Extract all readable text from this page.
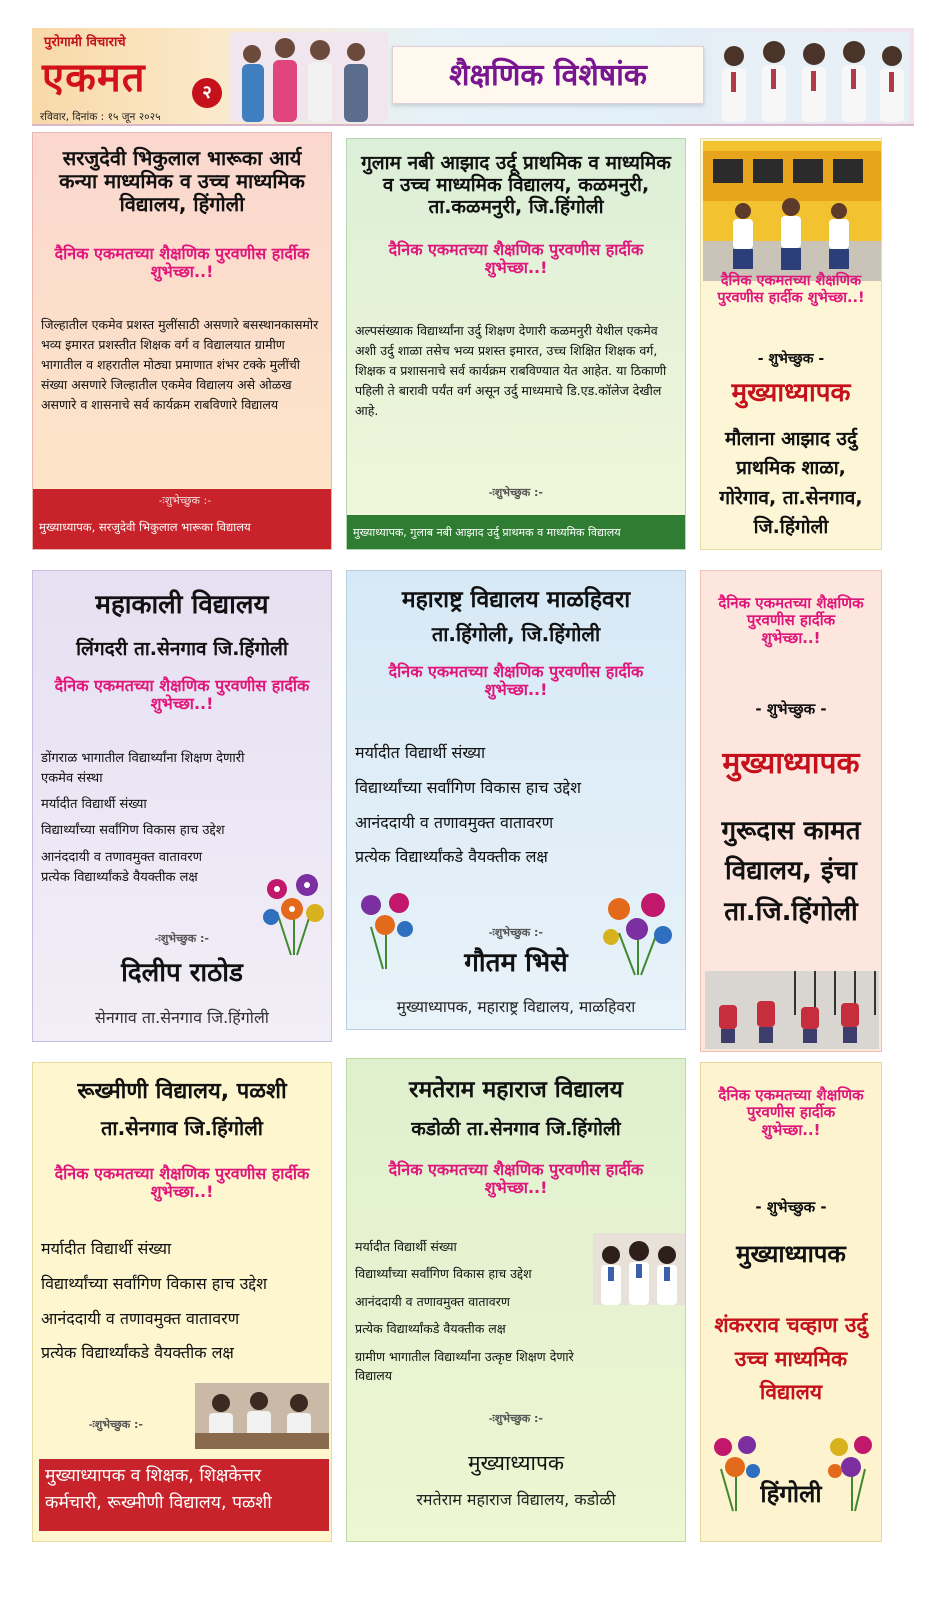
पुरोगामी विचाराचे
एकमत	२
रविवार, दिनांक : १५ जून २०२५
शैक्षणिक विशेषांक
सरजुदेवी भिकुलाल भारूका आर्य कन्या माध्यमिक व उच्च माध्यमिक विद्यालय, हिंगोली
दैनिक एकमतच्या शैक्षणिक पुरवणीस हार्दीक शुभेच्छा..!
जिल्हातील एकमेव प्रशस्त मुलींसाठी असणारे बसस्थानकासमोर भव्य इमारत प्रशस्तीत शिक्षक वर्ग व विद्यालयात ग्रामीण भागातील व शहरातील मोठ्या प्रमाणात शंभर टक्के मुलींची संख्या असणारे जिल्हातील एकमेव विद्यालय असे ओळख असणारे व शासनाचे सर्व कार्यक्रम राबविणारे विद्यालय
-ःशुभेच्छुक :-
मुख्याध्यापक, सरजुदेवी भिकुलाल भारूका विद्यालय
गुलाम नबी आझाद उर्दू प्राथमिक व माध्यमिक व उच्च माध्यमिक विद्यालय, कळमनुरी, ता.कळमनुरी, जि.हिंगोली
दैनिक एकमतच्या शैक्षणिक पुरवणीस हार्दीक शुभेच्छा..!
अल्पसंख्याक विद्यार्थ्यांना उर्दु शिक्षण देणारी कळमनुरी येथील एकमेव अशी उर्दु शाळा तसेच भव्य प्रशस्त इमारत, उच्च शिक्षित शिक्षक वर्ग, शिक्षक व प्रशासनाचे सर्व कार्यक्रम राबविण्यात येत आहेत. या ठिकाणी पहिली ते बारावी पर्यंत वर्ग असून उर्दु माध्यमाचे डि.एड.कॉलेज देखील आहे.
-ःशुभेच्छुक :-
मुख्याध्यापक, गुलाब नबी आझाद उर्दु प्राथमक व माध्यमिक विद्यालय
दैनिक एकमतच्या शैक्षणिक पुरवणीस हार्दीक शुभेच्छा..!
- शुभेच्छुक -
मुख्याध्यापक
मौलाना आझाद उर्दु प्राथमिक शाळा, गोरेगाव, ता.सेनगाव, जि.हिंगोली
महाकाली विद्यालय
लिंगदरी ता.सेनगाव जि.हिंगोली
दैनिक एकमतच्या शैक्षणिक पुरवणीस हार्दीक शुभेच्छा..!
डोंगराळ भागातील विद्यार्थ्यांना शिक्षण देणारी एकमेव संस्था
मर्यादीत विद्यार्थी संख्या
विद्यार्थ्यांच्या सर्वांगिण विकास हाच उद्देश
आनंददायी व तणावमुक्त वातावरण
प्रत्येक विद्यार्थ्यांकडे वैयक्तीक लक्ष
-ःशुभेच्छुक :-
दिलीप राठोड
सेनगाव ता.सेनगाव जि.हिंगोली
महाराष्ट्र विद्यालय माळहिवरा
ता.हिंगोली, जि.हिंगोली
दैनिक एकमतच्या शैक्षणिक पुरवणीस हार्दीक शुभेच्छा..!
मर्यादीत विद्यार्थी संख्या
विद्यार्थ्यांच्या सर्वांगिण विकास हाच उद्देश
आनंददायी व तणावमुक्त वातावरण
प्रत्येक विद्यार्थ्यांकडे वैयक्तीक लक्ष
-ःशुभेच्छुक :-
गौतम भिसे
मुख्याध्यापक, महाराष्ट्र विद्यालय, माळहिवरा
दैनिक एकमतच्या शैक्षणिक पुरवणीस हार्दीक शुभेच्छा..!
- शुभेच्छुक -
मुख्याध्यापक
गुरूदास कामत विद्यालय, इंचा ता.जि.हिंगोली
रूख्मीणी विद्यालय, पळशी
ता.सेनगाव जि.हिंगोली
दैनिक एकमतच्या शैक्षणिक पुरवणीस हार्दीक शुभेच्छा..!
मर्यादीत विद्यार्थी संख्या
विद्यार्थ्यांच्या सर्वांगिण विकास हाच उद्देश
आनंददायी व तणावमुक्त वातावरण
प्रत्येक विद्यार्थ्यांकडे वैयक्तीक लक्ष
-ःशुभेच्छुक :-
मुख्याध्यापक व शिक्षक, शिक्षकेत्तर कर्मचारी, रूख्मीणी विद्यालय, पळशी
रमतेराम महाराज विद्यालय
कडोळी ता.सेनगाव जि.हिंगोली
दैनिक एकमतच्या शैक्षणिक पुरवणीस हार्दीक शुभेच्छा..!
मर्यादीत विद्यार्थी संख्या
विद्यार्थ्यांच्या सर्वांगिण विकास हाच उद्देश
आनंददायी व तणावमुक्त वातावरण
प्रत्येक विद्यार्थ्यांकडे वैयक्तीक लक्ष
ग्रामीण भागातील विद्यार्थ्यांना उत्कृष्ट शिक्षण देणारे विद्यालय
-ःशुभेच्छुक :-
मुख्याध्यापक
रमतेराम महाराज विद्यालय, कडोळी
दैनिक एकमतच्या शैक्षणिक पुरवणीस हार्दीक शुभेच्छा..!
- शुभेच्छुक -
मुख्याध्यापक
शंकरराव चव्हाण उर्दु उच्च माध्यमिक विद्यालय
हिंगोली
